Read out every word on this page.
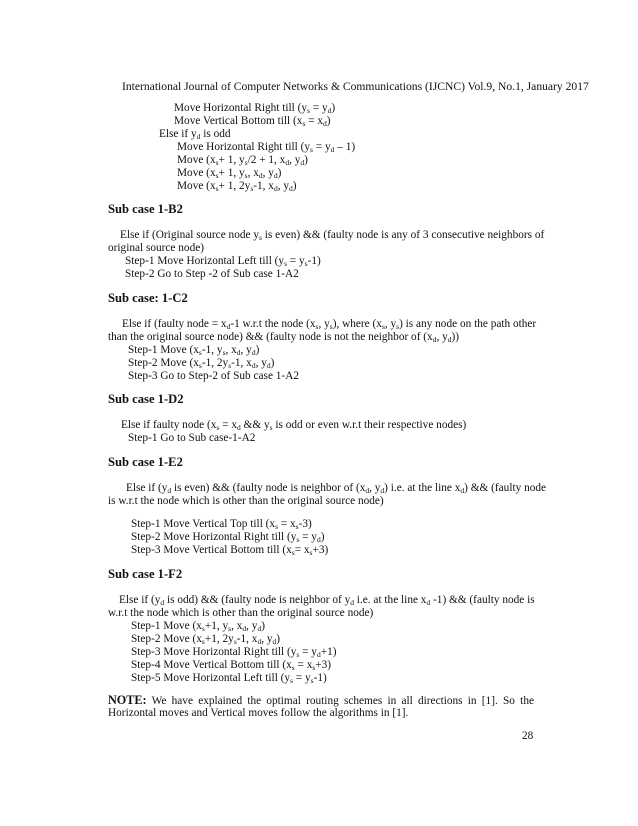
International Journal of Computer Networks & Communications (IJCNC) Vol.9, No.1, January 2017
Move Horizontal Right till $(y_s = y_d)$
Move Vertical Bottom till $(x_s = x_d)$
Else if $y_d$ is odd
Move Horizontal Right till $(y_s = y_d - 1)$
Move ($x_s+ 1$, $y_s/2 + 1$, $x_d$, $y_d$)
Move ($x_s+ 1$, $y_s$, $x_d$, $y_d$)
Move ($x_s+ 1$, $2y_s-1$, $x_d$, $y_d$)
Sub case 1-B2
Else if (Original source node $y_s$ is even) && (faulty node is any of 3 consecutive neighbors of
original source node)
Step-1 Move Horizontal Left till $(y_s = y_s-1)$
Step-2 Go to Step -2 of Sub case 1-A2
Sub case: 1-C2
Else if (faulty node = $x_d-1$ w.r.t the node ($x_s$, $y_s$), where ($x_s$, $y_s$) is any node on the path other
than the original source node) && (faulty node is not the neighbor of ($x_d$, $y_d$))
Step-1 Move ($x_s-1$, $y_s$, $x_d$, $y_d$)
Step-2 Move ($x_s-1$, $2y_s-1$, $x_d$, $y_d$)
Step-3 Go to Step-2 of Sub case 1-A2
Sub case 1-D2
Else if faulty node ($x_s = x_d$ && $y_s$ is odd or even w.r.t their respective nodes)
Step-1 Go to Sub case-1-A2
Sub case 1-E2
Else if ($y_d$ is even) && (faulty node is neighbor of ($x_d$, $y_d$) i.e. at the line $x_d$) && (faulty node
is w.r.t the node which is other than the original source node)
Step-1 Move Vertical Top till $(x_s = x_s-3)$
Step-2 Move Horizontal Right till $(y_s = y_d)$
Step-3 Move Vertical Bottom till $(x_s= x_s+3)$
Sub case 1-F2
Else if ($y_d$ is odd) && (faulty node is neighbor of $y_d$ i.e. at the line $x_d$ -1) && (faulty node is
w.r.t the node which is other than the original source node)
Step-1 Move ($x_s+1$, $y_s$, $x_d$, $y_d$)
Step-2 Move ($x_s+1$, $2y_s-1$, $x_d$, $y_d$)
Step-3 Move Horizontal Right till $(y_s = y_d+1)$
Step-4 Move Vertical Bottom till $(x_s = x_s+3)$
Step-5 Move Horizontal Left till $(y_s = y_s-1)$
NOTE: We have explained the optimal routing schemes in all directions in [1]. So the
Horizontal moves and Vertical moves follow the algorithms in [1].
28
